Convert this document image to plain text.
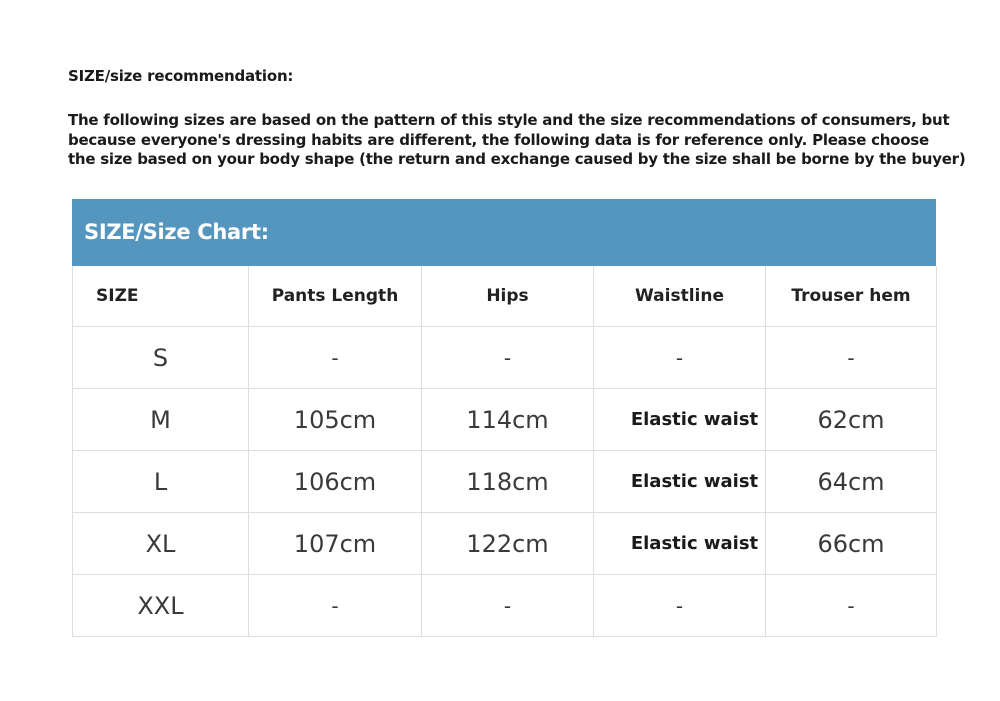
SIZE/size recommendation:
The following sizes are based on the pattern of this style and the size recommendations of consumers, but
because everyone's dressing habits are different, the following data is for reference only. Please choose
the size based on your body shape (the return and exchange caused by the size shall be borne by the buyer)
SIZE/Size Chart:
SIZE	Pants Length	Hips	Waistline	Trouser hem
S	-	-	-	-
M	105cm	114cm	Elastic waist	62cm
L	106cm	118cm	Elastic waist	64cm
XL	107cm	122cm	Elastic waist	66cm
XXL	-	-	-	-
